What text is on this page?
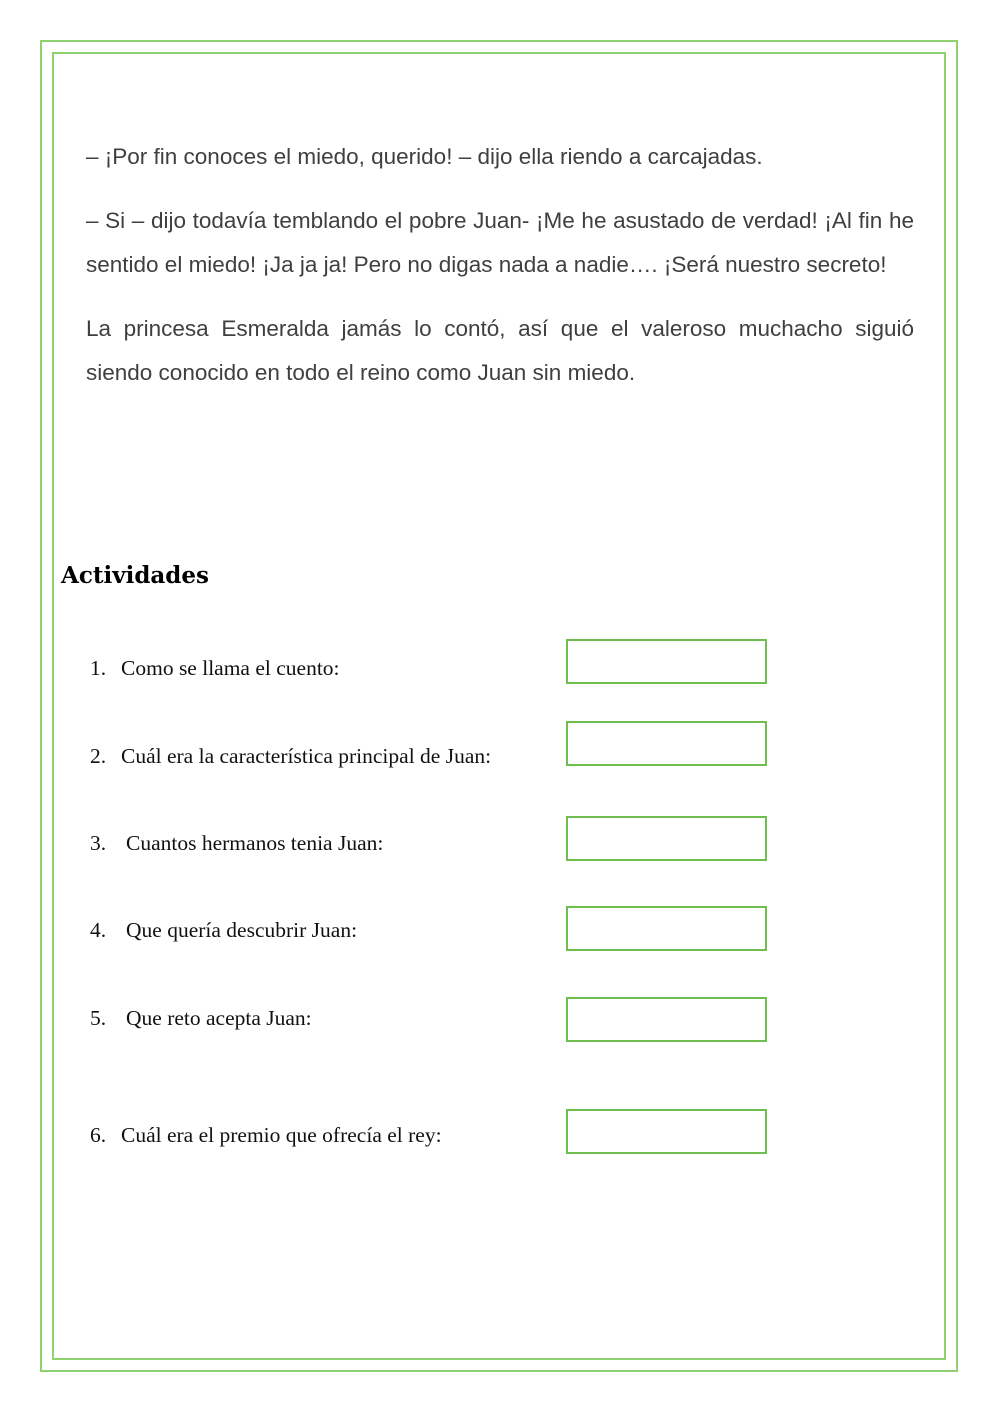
– ¡Por fin conoces el miedo, querido! – dijo ella riendo a carcajadas.

– Si – dijo todavía temblando el pobre Juan- ¡Me he asustado de verdad! ¡Al fin he sentido el miedo! ¡Ja ja ja! Pero no digas nada a nadie…. ¡Será nuestro secreto!

La princesa Esmeralda jamás lo contó, así que el valeroso muchacho siguió siendo conocido en todo el reino como Juan sin miedo.

Actividades
1. Como se llama el cuento:
2. Cuál era la característica principal de Juan:
3. Cuantos hermanos tenia Juan:
4. Que quería descubrir Juan:
5. Que reto acepta Juan:
6. Cuál era el premio que ofrecía el rey:
